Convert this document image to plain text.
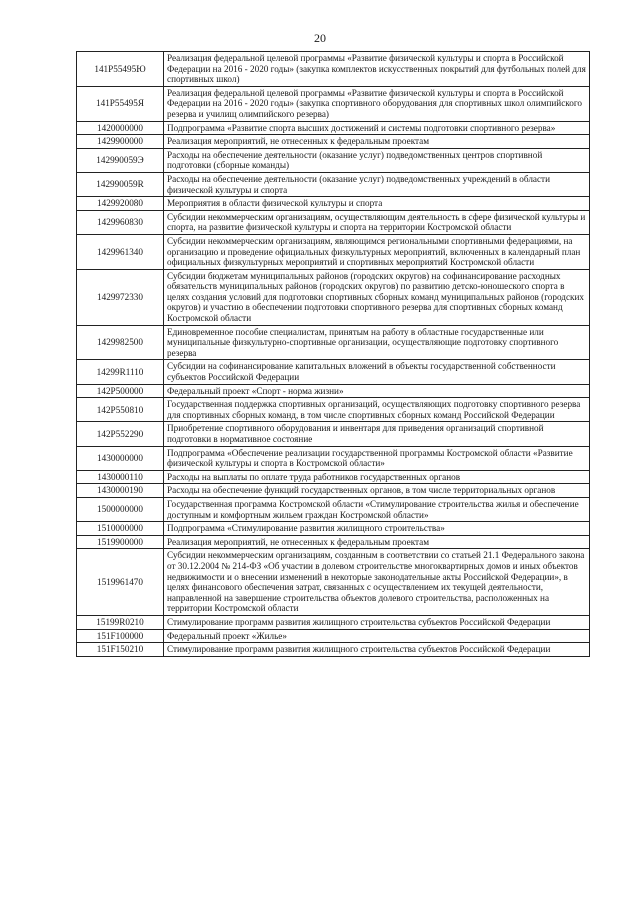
20
141P55495Ю	Реализация федеральной целевой программы «Развитие физической культуры и спорта в Российской Федерации на 2016 - 2020 годы» (закупка комплектов искусственных покрытий для футбольных полей для спортивных школ)
141P55495Я	Реализация федеральной целевой программы «Развитие физической культуры и спорта в Российской Федерации на 2016 - 2020 годы» (закупка спортивного оборудования для спортивных школ олимпийского резерва и училищ олимпийского резерва)
1420000000	Подпрограмма «Развитие спорта высших достижений и системы подготовки спортивного резерва»
1429900000	Реализация мероприятий, не отнесенных к федеральным проектам
142990059Э	Расходы на обеспечение деятельности (оказание услуг) подведомственных центров спортивной подготовки (сборные команды)
142990059R	Расходы на обеспечение деятельности (оказание услуг) подведомственных учреждений в области физической культуры и спорта
1429920080	Мероприятия в области физической культуры и спорта
1429960830	Субсидии некоммерческим организациям, осуществляющим деятельность в сфере физической культуры и спорта, на развитие физической культуры и спорта на территории Костромской области
1429961340	Субсидии некоммерческим организациям, являющимся региональными спортивными федерациями, на организацию и проведение официальных физкультурных мероприятий, включенных в календарный план официальных физкультурных мероприятий и спортивных мероприятий Костромской области
1429972330	Субсидии бюджетам муниципальных районов (городских округов) на софинансирование расходных обязательств муниципальных районов (городских округов) по развитию детско-юношеского спорта в целях создания условий для подготовки спортивных сборных команд муниципальных районов (городских округов) и участию в обеспечении подготовки спортивного резерва для спортивных сборных команд Костромской области
1429982500	Единовременное пособие специалистам, принятым на работу в областные государственные или муниципальные физкультурно-спортивные организации, осуществляющие подготовку спортивного резерва
14299R1110	Субсидии на софинансирование капитальных вложений в объекты государственной собственности субъектов Российской Федерации
142P500000	Федеральный проект «Спорт - норма жизни»
142P550810	Государственная поддержка спортивных организаций, осуществляющих подготовку спортивного резерва для спортивных сборных команд, в том числе спортивных сборных команд Российской Федерации
142P552290	Приобретение спортивного оборудования и инвентаря для приведения организаций спортивной подготовки в нормативное состояние
1430000000	Подпрограмма «Обеспечение реализации государственной программы Костромской области «Развитие физической культуры и спорта в Костромской области»
1430000110	Расходы на выплаты по оплате труда работников государственных органов
1430000190	Расходы на обеспечение функций государственных органов, в том числе территориальных органов
1500000000	Государственная программа Костромской области «Стимулирование строительства жилья и обеспечение доступным и комфортным жильем граждан Костромской области»
1510000000	Подпрограмма «Стимулирование развития жилищного строительства»
1519900000	Реализация мероприятий, не отнесенных к федеральным проектам
1519961470	Субсидии некоммерческим организациям, созданным в соответствии со статьей 21.1 Федерального закона от 30.12.2004 № 214-ФЗ «Об участии в долевом строительстве многоквартирных домов и иных объектов недвижимости и о внесении изменений в некоторые законодательные акты Российской Федерации», в целях финансового обеспечения затрат, связанных с осуществлением их текущей деятельности, направленной на завершение строительства объектов долевого строительства, расположенных на территории Костромской области
15199R0210	Стимулирование программ развития жилищного строительства субъектов Российской Федерации
151F100000	Федеральный проект «Жилье»
151F150210	Стимулирование программ развития жилищного строительства субъектов Российской Федерации
